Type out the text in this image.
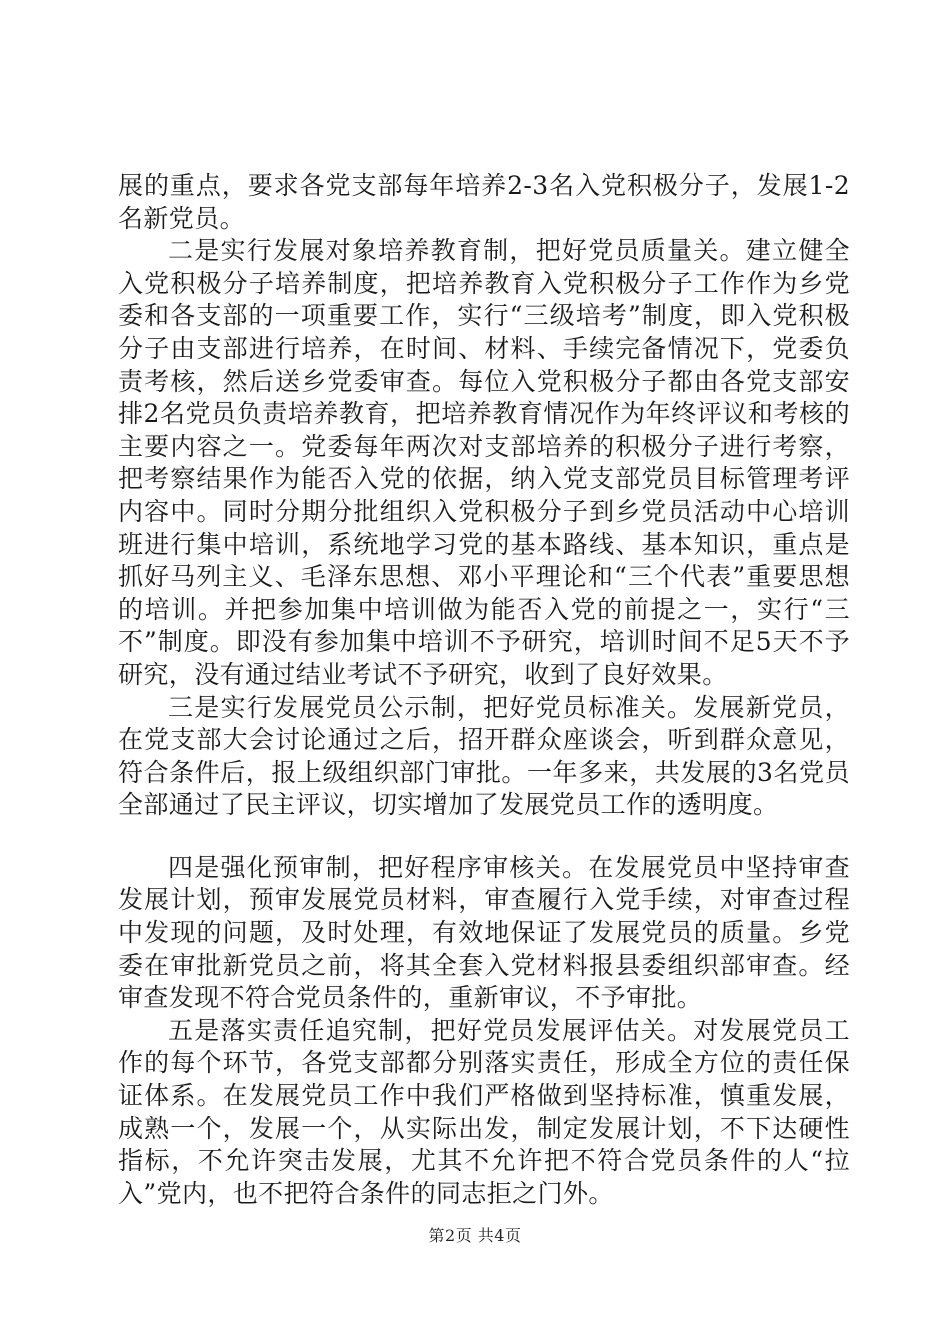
展的重点，要求各党支部每年培养2-3名入党积极分子，发展1-2名新党员。

二是实行发展对象培养教育制，把好党员质量关。建立健全入党积极分子培养制度，把培养教育入党积极分子工作作为乡党委和各支部的一项重要工作，实行“三级培考”制度，即入党积极分子由支部进行培养，在时间、材料、手续完备情况下，党委负责考核，然后送乡党委审查。每位入党积极分子都由各党支部安排2名党员负责培养教育，把培养教育情况作为年终评议和考核的主要内容之一。党委每年两次对支部培养的积极分子进行考察，把考察结果作为能否入党的依据，纳入党支部党员目标管理考评内容中。同时分期分批组织入党积极分子到乡党员活动中心培训班进行集中培训，系统地学习党的基本路线、基本知识，重点是抓好马列主义、毛泽东思想、邓小平理论和“三个代表”重要思想的培训。并把参加集中培训做为能否入党的前提之一，实行“三不”制度。即没有参加集中培训不予研究，培训时间不足5天不予研究，没有通过结业考试不予研究，收到了良好效果。

三是实行发展党员公示制，把好党员标准关。发展新党员，在党支部大会讨论通过之后，招开群众座谈会，听到群众意见，符合条件后，报上级组织部门审批。一年多来，共发展的3名党员全部通过了民主评议，切实增加了发展党员工作的透明度。

四是强化预审制，把好程序审核关。在发展党员中坚持审查发展计划，预审发展党员材料，审查履行入党手续，对审查过程中发现的问题，及时处理，有效地保证了发展党员的质量。乡党委在审批新党员之前，将其全套入党材料报县委组织部审查。经审查发现不符合党员条件的，重新审议，不予审批。

五是落实责任追究制，把好党员发展评估关。对发展党员工作的每个环节，各党支部都分别落实责任，形成全方位的责任保证体系。在发展党员工作中我们严格做到坚持标准，慎重发展，成熟一个，发展一个，从实际出发，制定发展计划，不下达硬性指标，不允许突击发展，尤其不允许把不符合党员条件的人“拉入”党内，也不把符合条件的同志拒之门外。

第2页 共4页
